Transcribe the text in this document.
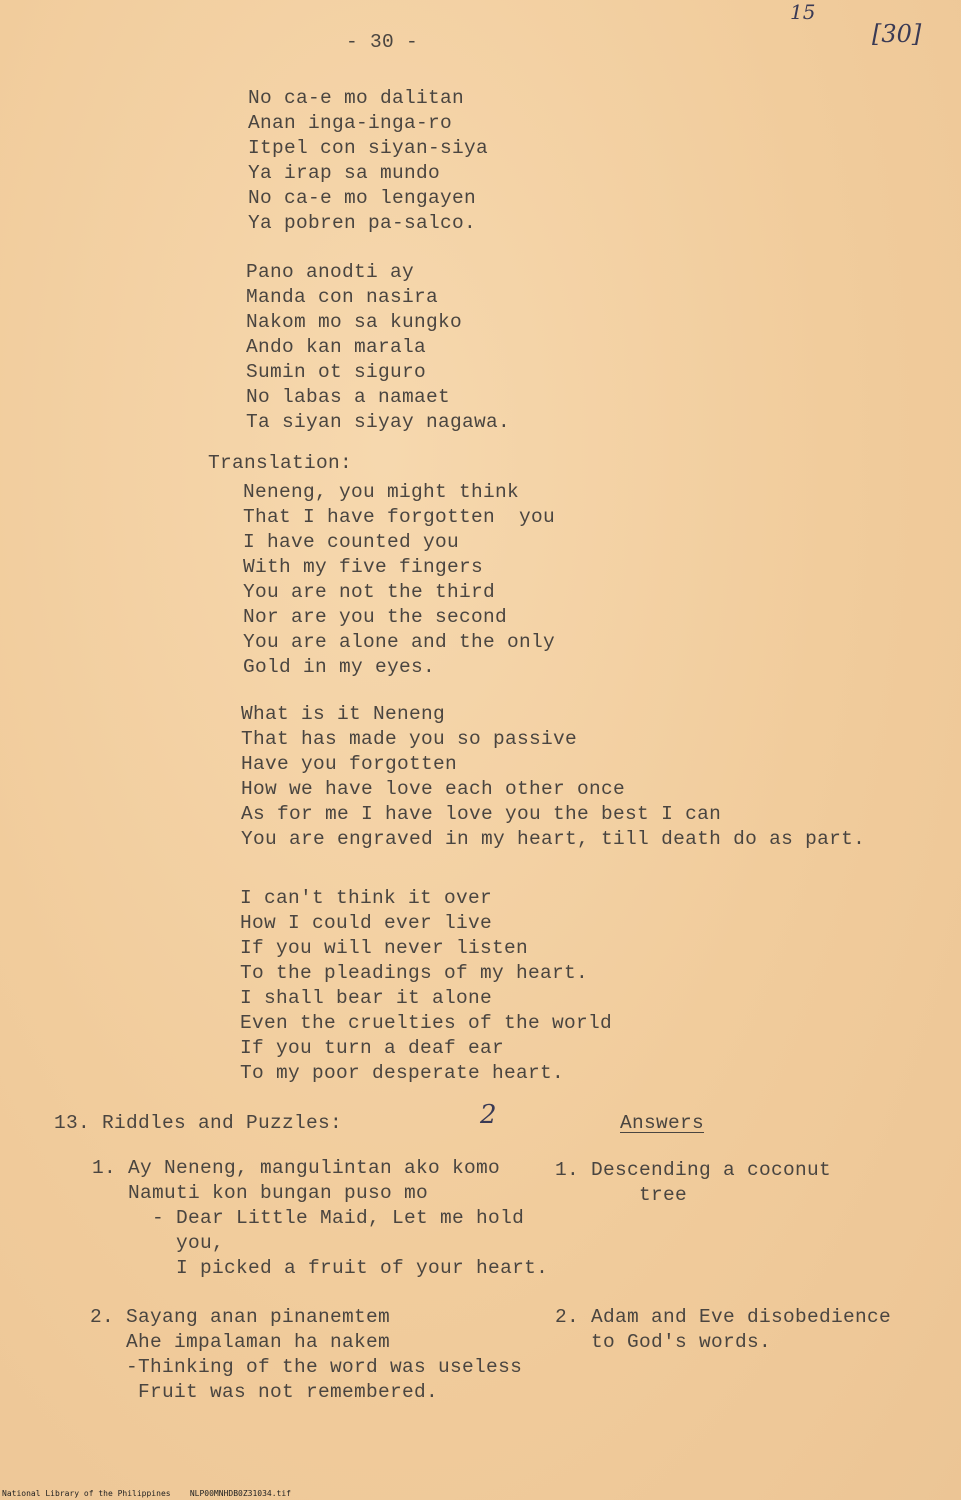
- 30 -
15
[30]
No ca-e mo dalitan
Anan inga-inga-ro
Itpel con siyan-siya
Ya irap sa mundo
No ca-e mo lengayen
Ya pobren pa-salco.
Pano anodti ay
Manda con nasira
Nakom mo sa kungko
Ando kan marala
Sumin ot siguro
No labas a namaet
Ta siyan siyay nagawa.
Translation:
Neneng, you might think
That I have forgotten  you
I have counted you
With my five fingers
You are not the third
Nor are you the second
You are alone and the only
Gold in my eyes.
What is it Neneng
That has made you so passive
Have you forgotten
How we have love each other once
As for me I have love you the best I can
You are engraved in my heart, till death do as part.
I can't think it over
How I could ever live
If you will never listen
To the pleadings of my heart.
I shall bear it alone
Even the cruelties of the world
If you turn a deaf ear
To my poor desperate heart.
13. Riddles and Puzzles:	2	Answers
1. Ay Neneng, mangulintan ako komo
Namuti kon bungan puso mo
- Dear Little Maid, Let me hold
you,
I picked a fruit of your heart.
1. Descending a coconut
tree
2. Sayang anan pinanemtem
Ahe impalaman ha nakem
-Thinking of the word was useless
Fruit was not remembered.
2. Adam and Eve disobedience
to God's words.
National Library of the Philippines    NLP00MNHDB0Z31034.tif
